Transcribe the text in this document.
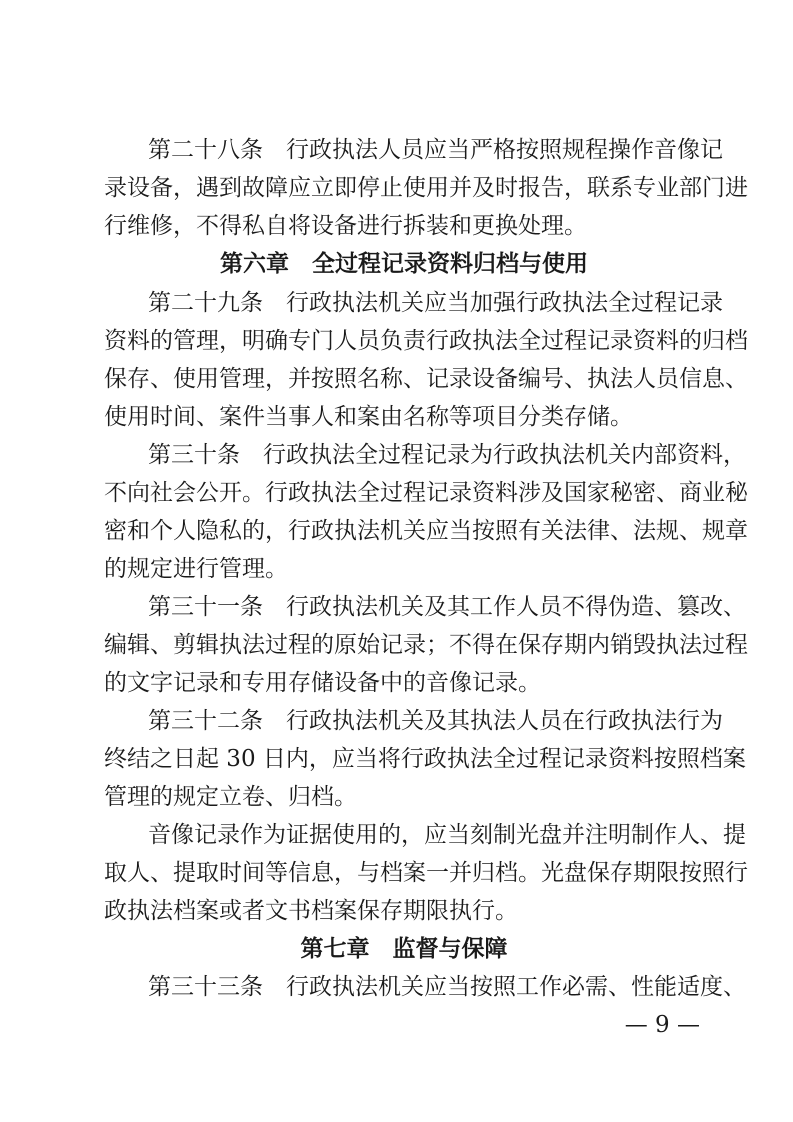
第二十八条　行政执法人员应当严格按照规程操作音像记
录设备，遇到故障应立即停止使用并及时报告，联系专业部门进
行维修，不得私自将设备进行拆装和更换处理。
第六章　全过程记录资料归档与使用
第二十九条　行政执法机关应当加强行政执法全过程记录
资料的管理，明确专门人员负责行政执法全过程记录资料的归档
保存、使用管理，并按照名称、记录设备编号、执法人员信息、
使用时间、案件当事人和案由名称等项目分类存储。
第三十条　行政执法全过程记录为行政执法机关内部资料，
不向社会公开。行政执法全过程记录资料涉及国家秘密、商业秘
密和个人隐私的，行政执法机关应当按照有关法律、法规、规章
的规定进行管理。
第三十一条　行政执法机关及其工作人员不得伪造、篡改、
编辑、剪辑执法过程的原始记录；不得在保存期内销毁执法过程
的文字记录和专用存储设备中的音像记录。
第三十二条　行政执法机关及其执法人员在行政执法行为
终结之日起 30 日内，应当将行政执法全过程记录资料按照档案
管理的规定立卷、归档。
音像记录作为证据使用的，应当刻制光盘并注明制作人、提
取人、提取时间等信息，与档案一并归档。光盘保存期限按照行
政执法档案或者文书档案保存期限执行。
第七章　监督与保障
第三十三条　行政执法机关应当按照工作必需、性能适度、
— 9 —
